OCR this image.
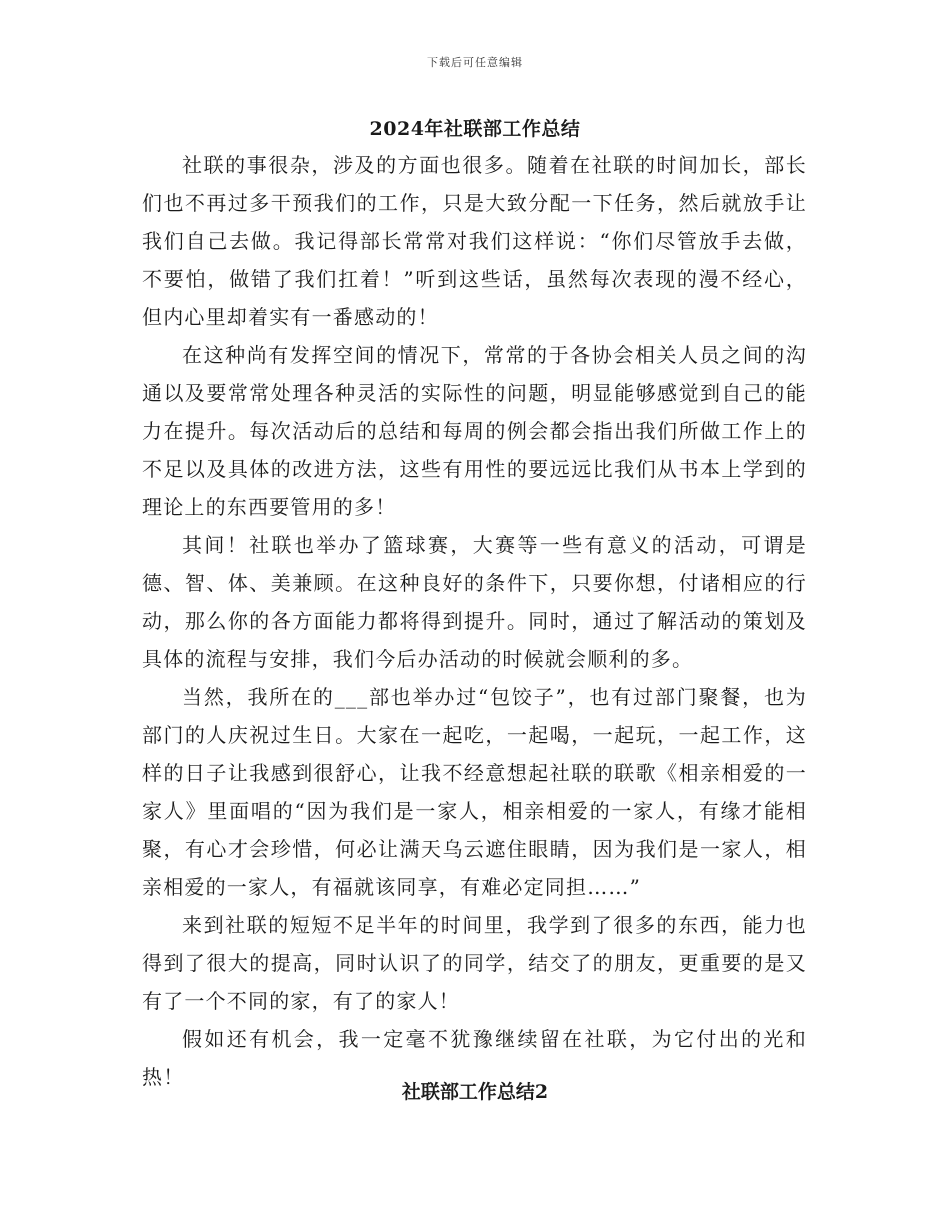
下载后可任意编辑
2024年社联部工作总结

社联的事很杂，涉及的方面也很多。随着在社联的时间加长，部长们也不再过多干预我们的工作，只是大致分配一下任务，然后就放手让我们自己去做。我记得部长常常对我们这样说：“你们尽管放手去做，不要怕，做错了我们扛着！”听到这些话，虽然每次表现的漫不经心，但内心里却着实有一番感动的！

在这种尚有发挥空间的情况下，常常的于各协会相关人员之间的沟通以及要常常处理各种灵活的实际性的问题，明显能够感觉到自己的能力在提升。每次活动后的总结和每周的例会都会指出我们所做工作上的不足以及具体的改进方法，这些有用性的要远远比我们从书本上学到的理论上的东西要管用的多！

其间！社联也举办了篮球赛，大赛等一些有意义的活动，可谓是德、智、体、美兼顾。在这种良好的条件下，只要你想，付诸相应的行动，那么你的各方面能力都将得到提升。同时，通过了解活动的策划及具体的流程与安排，我们今后办活动的时候就会顺利的多。

当然，我所在的___部也举办过“包饺子”，也有过部门聚餐，也为部门的人庆祝过生日。大家在一起吃，一起喝，一起玩，一起工作，这样的日子让我感到很舒心，让我不经意想起社联的联歌《相亲相爱的一家人》里面唱的“因为我们是一家人，相亲相爱的一家人，有缘才能相聚，有心才会珍惜，何必让满天乌云遮住眼睛，因为我们是一家人，相亲相爱的一家人，有福就该同享，有难必定同担……”

来到社联的短短不足半年的时间里，我学到了很多的东西，能力也得到了很大的提高，同时认识了的同学，结交了的朋友，更重要的是又有了一个不同的家，有了的家人！

假如还有机会，我一定毫不犹豫继续留在社联，为它付出的光和热！

社联部工作总结2
